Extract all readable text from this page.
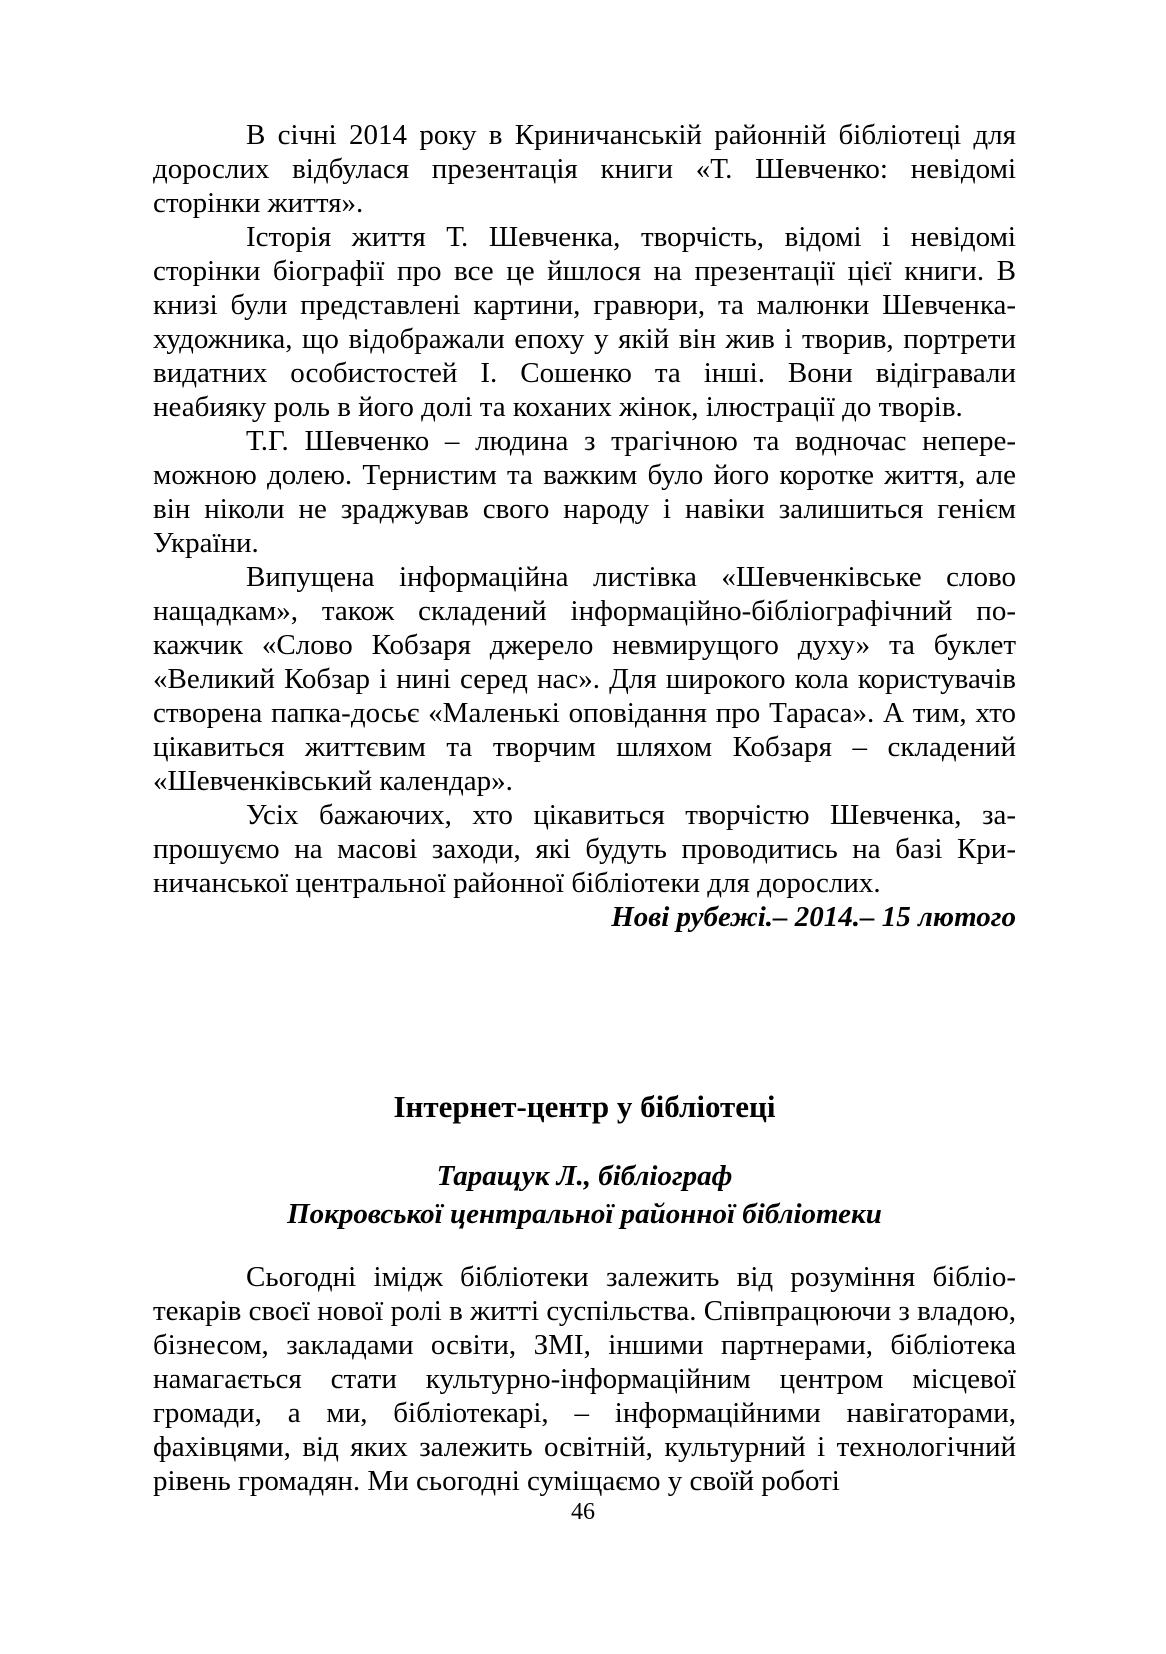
В січні 2014 року в Криничанській районній бібліотеці для дорослих відбулася презентація книги «Т. Шевченко: невідомі сторінки життя».

Історія життя Т. Шевченка, творчість, відомі і невідомі сторінки біографії про все це йшлося на презентації цієї книги. В книзі були представлені картини, гравюри, та малюнки Шевченка-художника, що відображали епоху у якій він жив і творив, портрети видатних особистостей І. Сошенко та інші. Вони відігравали неабияку роль в його долі та коханих жінок, ілюстрації до творів.

Т.Г. Шевченко – людина з трагічною та водночас непереможною долею. Тернистим та важким було його коротке життя, але він ніколи не зраджував свого народу і навіки залишиться генієм України.

Випущена інформаційна листівка «Шевченківське слово нащадкам», також складений інформаційно-бібліографічний покажчик «Слово Кобзаря джерело невмирущого духу» та буклет «Великий Кобзар і нині серед нас». Для широкого кола користувачів створена папка-досьє «Маленькі оповідання про Тараса». А тим, хто цікавиться життєвим та творчим шляхом Кобзаря – складений «Шевченківський календар».

Усіх бажаючих, хто цікавиться творчістю Шевченка, запрошуємо на масові заходи, які будуть проводитись на базі Криничанської центральної районної бібліотеки для дорослих.

Нові рубежі.– 2014.– 15 лютого

Інтернет-центр у бібліотеці
Таращук Л., бібліограф
Покровської центральної районної бібліотеки

Сьогодні імідж бібліотеки залежить від розуміння бібліотекарів своєї нової ролі в житті суспільства. Співпрацюючи з владою, бізнесом, закладами освіти, ЗМІ, іншими партнерами, бібліотека намагається стати культурно-інформаційним центром місцевої громади, а ми, бібліотекарі, – інформаційними навігаторами, фахівцями, від яких залежить освітній, культурний і технологічний рівень громадян. Ми сьогодні суміщаємо у своїй роботі

46
